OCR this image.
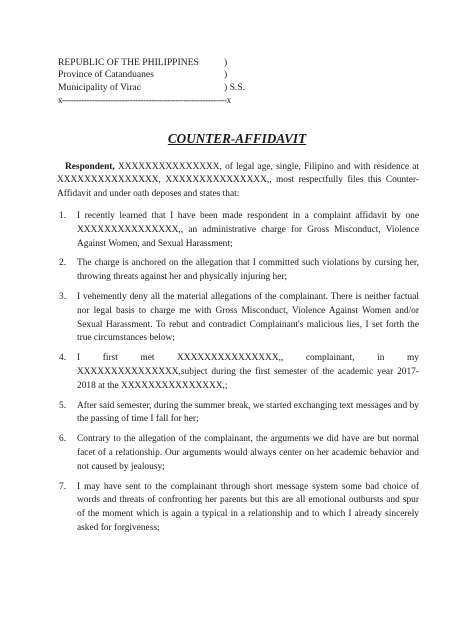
REPUBLIC OF THE PHILIPPINES	)
Province of Catanduanes	)
Municipality of Virac	) S.S.
x-------------------------------------------------------------x
COUNTER-AFFIDAVIT
Respondent, XXXXXXXXXXXXXXX, of legal age, single, Filipino and with residence at XXXXXXXXXXXXXXX, XXXXXXXXXXXXXXX,, most respectfully files this Counter-Affidavit and under oath deposes and states that:
1. I recently learned that I have been made respondent in a complaint affidavit by one XXXXXXXXXXXXXXX,, an administrative charge for Gross Misconduct, Violence Against Women, and Sexual Harassment;
2. The charge is anchored on the allegation that I committed such violations by cursing her, throwing threats against her and physically injuring her;
3. I vehemently deny all the material allegations of the complainant. There is neither factual nor legal basis to charge me with Gross Misconduct, Violence Against Women and/or Sexual Harassment. To rebut and contradict Complainant's malicious lies, I set forth the true circumstances below;
4. I first met XXXXXXXXXXXXXXX,, complainant, in my XXXXXXXXXXXXXXX,subject during the first semester of the academic year 2017-2018 at the XXXXXXXXXXXXXXX,;
5. After said semester, during the summer break, we started exchanging text messages and by the passing of time I fall for her;
6. Contrary to the allegation of the complainant, the arguments we did have are but normal facet of a relationship. Our arguments would always center on her academic behavior and not caused by jealousy;
7. I may have sent to the complainant through short message system some bad choice of words and threats of confronting her parents but this are all emotional outbursts and spur of the moment which is again a typical in a relationship and to which I already sincerely asked for forgiveness;
